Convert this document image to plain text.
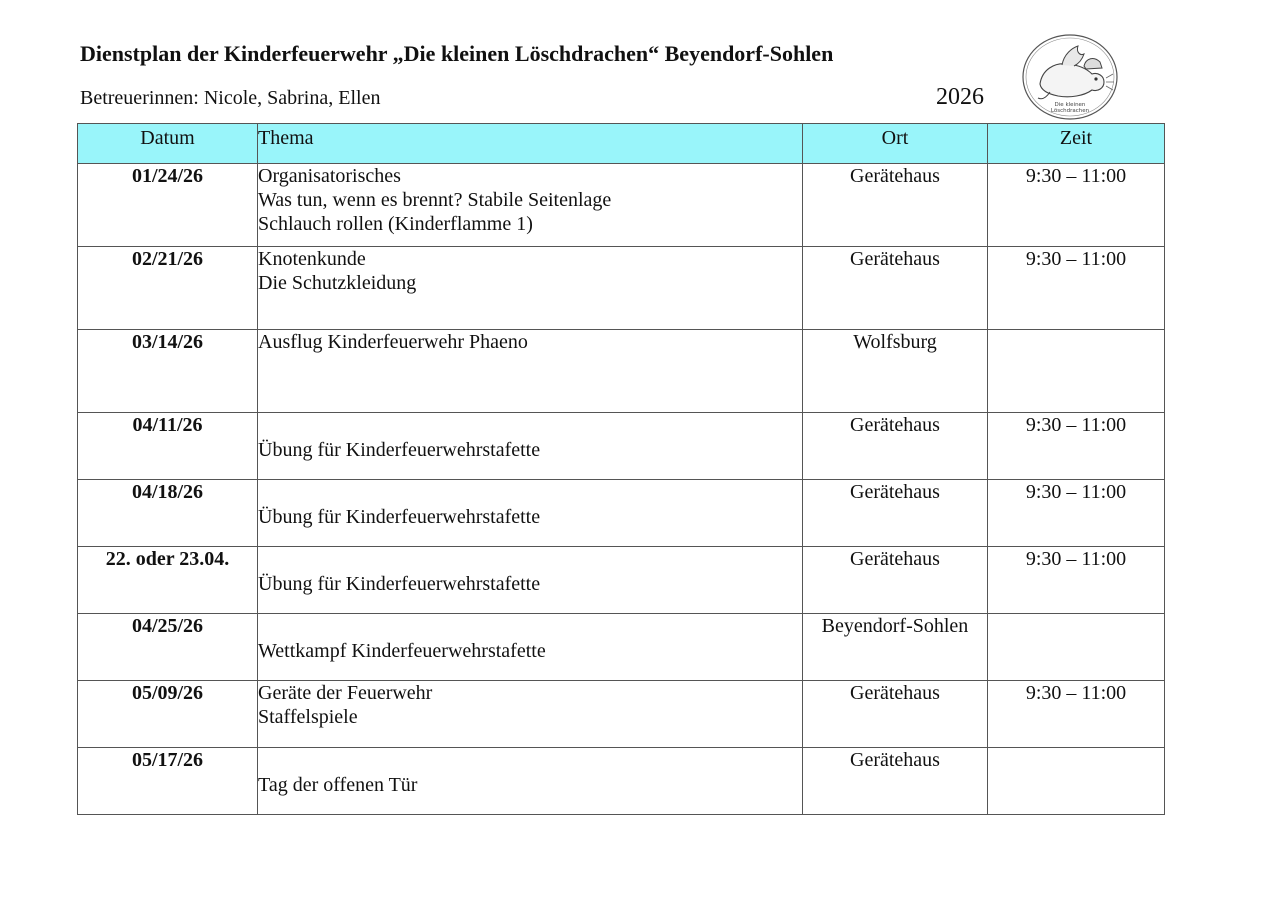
Dienstplan der Kinderfeuerwehr „Die kleinen Löschdrachen“ Beyendorf-Sohlen
Betreuerinnen: Nicole, Sabrina, Ellen	2026	Die kleinen
Löschdrachen
Datum	Thema	Ort	Zeit
01/24/26	Organisatorisches
Was tun, wenn es brennt? Stabile Seitenlage
Schlauch rollen (Kinderflamme 1)	Gerätehaus	9:30 – 11:00
02/21/26	Knotenkunde
Die Schutzkleidung	Gerätehaus	9:30 – 11:00
03/14/26	Ausflug Kinderfeuerwehr Phaeno	Wolfsburg	
04/11/26	Übung für Kinderfeuerwehrstafette	Gerätehaus	9:30 – 11:00
04/18/26	Übung für Kinderfeuerwehrstafette	Gerätehaus	9:30 – 11:00
22. oder 23.04.	Übung für Kinderfeuerwehrstafette	Gerätehaus	9:30 – 11:00
04/25/26	Wettkampf Kinderfeuerwehrstafette	Beyendorf-Sohlen	
05/09/26	Geräte der Feuerwehr
Staffelspiele	Gerätehaus	9:30 – 11:00
05/17/26	Tag der offenen Tür	Gerätehaus	
